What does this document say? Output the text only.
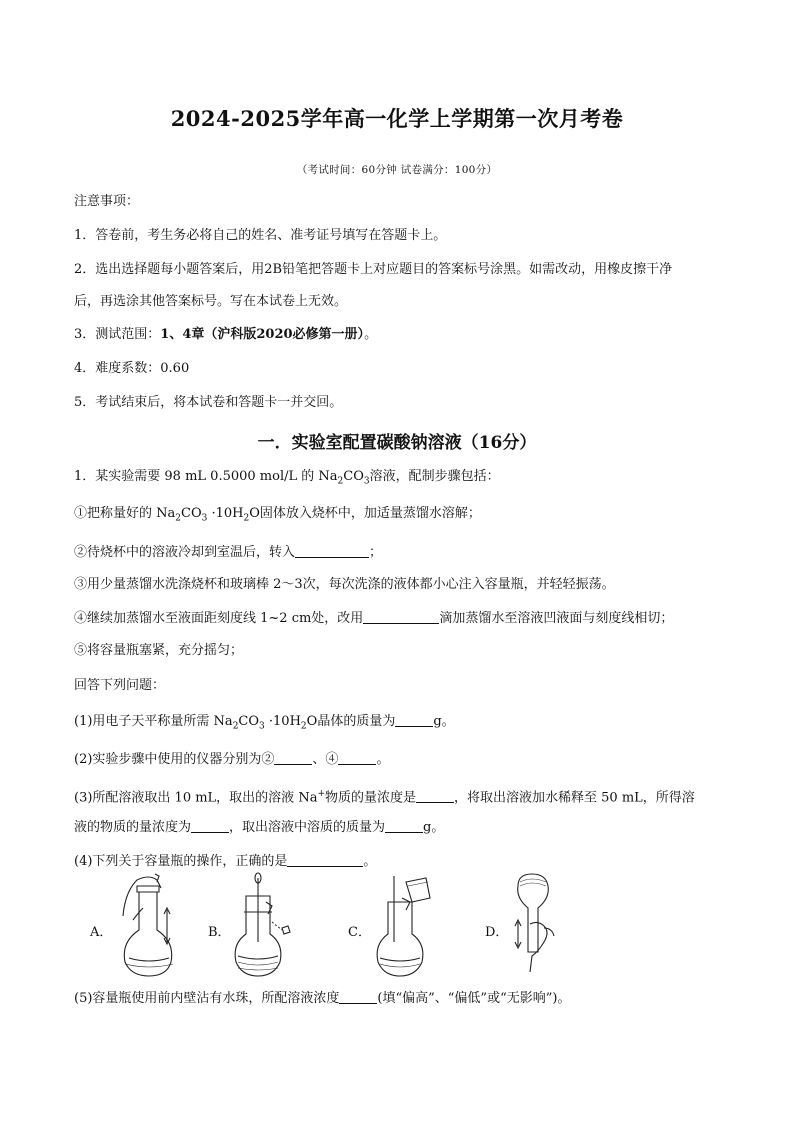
2024-2025学年高一化学上学期第一次月考卷
（考试时间：60分钟 试卷满分：100分）
注意事项：
1．答卷前，考生务必将自己的姓名、准考证号填写在答题卡上。
2．选出选择题每小题答案后，用2B铅笔把答题卡上对应题目的答案标号涂黑。如需改动，用橡皮擦干净
后，再选涂其他答案标号。写在本试卷上无效。
3．测试范围：1、4章（沪科版2020必修第一册）。
4．难度系数：0.60
5．考试结束后，将本试卷和答题卡一并交回。
一．实验室配置碳酸钠溶液（16分）
1．某实验需要 98 mL 0.5000 mol/L 的 $Na_2CO_3$溶液，配制步骤包括：
①把称量好的 $Na_2CO_3 \cdot 10H_2O$固体放入烧杯中，加适量蒸馏水溶解；
②待烧杯中的溶液冷却到室温后，转入	；
③用少量蒸馏水洗涤烧杯和玻璃棒 2～3次，每次洗涤的液体都小心注入容量瓶，并轻轻振荡。
④继续加蒸馏水至液面距刻度线 1~2 cm处，改用	滴加蒸馏水至溶液凹液面与刻度线相切；
⑤将容量瓶塞紧，充分摇匀；
回答下列问题：
(1)用电子天平称量所需 $Na_2CO_3 \cdot 10H_2O$晶体的质量为	g。
(2)实验步骤中使用的仪器分别为②	、④	。
(3)所配溶液取出 10 mL，取出的溶液 Na+物质的量浓度是	，将取出溶液加水稀释至 50 mL，所得溶
液的物质的量浓度为	，取出溶液中溶质的质量为	g。
(4)下列关于容量瓶的操作，正确的是	。
A．	B．	C．	D．
(5)容量瓶使用前内壁沾有水珠，所配溶液浓度	(填“偏高”、“偏低”或“无影响”)。
